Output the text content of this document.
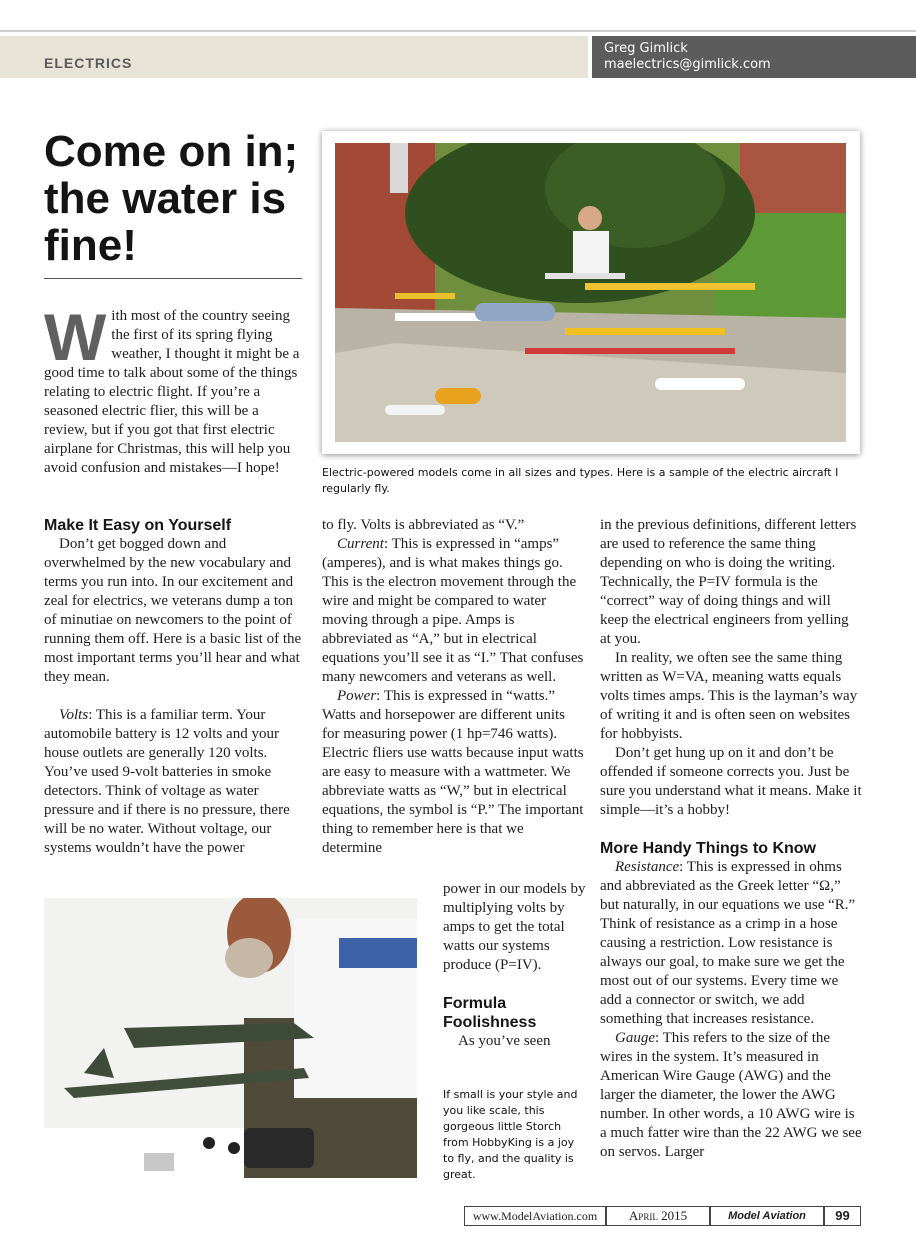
ELECTRICS
Greg Gimlick
maelectrics@gimlick.com
Come on in; the water is fine!

With most of the country seeing the first of its spring flying weather, I thought it might be a good time to talk about some of the things relating to electric flight. If you’re a seasoned electric flier, this will be a review, but if you got that first electric airplane for Christmas, this will help you avoid confusion and mistakes—I hope!	Electric-powered models come in all sizes and types. Here is a sample of the electric aircraft I regularly fly.
Make It Easy on Yourself

Don’t get bogged down and overwhelmed by the new vocabulary and terms you run into. In our excitement and zeal for electrics, we veterans dump a ton of minutiae on newcomers to the point of running them off. Here is a basic list of the most important terms you’ll hear and what they mean.

Volts: This is a familiar term. Your automobile battery is 12 volts and your house outlets are generally 120 volts. You’ve used 9-volt batteries in smoke detectors. Think of voltage as water pressure and if there is no pressure, there will be no water. Without voltage, our systems wouldn’t have the power

to fly. Volts is abbreviated as “V.”

Current: This is expressed in “amps” (amperes), and is what makes things go. This is the electron movement through the wire and might be compared to water moving through a pipe. Amps is abbreviated as “A,” but in electrical equations you’ll see it as “I.” That confuses many newcomers and veterans as well.

Power: This is expressed in “watts.” Watts and horsepower are different units for measuring power (1 hp=746 watts). Electric fliers use watts because input watts are easy to measure with a wattmeter. We abbreviate watts as “W,” but in electrical equations, the symbol is “P.” The important thing to remember here is that we determine

power in our models by multiplying volts by amps to get the total watts our systems produce (P=IV).

Formula Foolishness

As you’ve seen

If small is your style and you like scale, this gorgeous little Storch from HobbyKing is a joy to fly, and the quality is great.

in the previous definitions, different letters are used to reference the same thing depending on who is doing the writing. Technically, the P=IV formula is the “correct” way of doing things and will keep the electrical engineers from yelling at you.

In reality, we often see the same thing written as W=VA, meaning watts equals volts times amps. This is the layman’s way of writing it and is often seen on websites for hobbyists.

Don’t get hung up on it and don’t be offended if someone corrects you. Just be sure you understand what it means. Make it simple—it’s a hobby!

More Handy Things to Know

Resistance: This is expressed in ohms and abbreviated as the Greek letter “Ω,” but naturally, in our equations we use “R.” Think of resistance as a crimp in a hose causing a restriction. Low resistance is always our goal, to make sure we get the most out of our systems. Every time we add a connector or switch, we add something that increases resistance.

Gauge: This refers to the size of the wires in the system. It’s measured in American Wire Gauge (AWG) and the larger the diameter, the lower the AWG number. In other words, a 10 AWG wire is a much fatter wire than the 22 AWG we see on servos. Larger

www.ModelAviation.com	April 2015	Model Aviation	99
